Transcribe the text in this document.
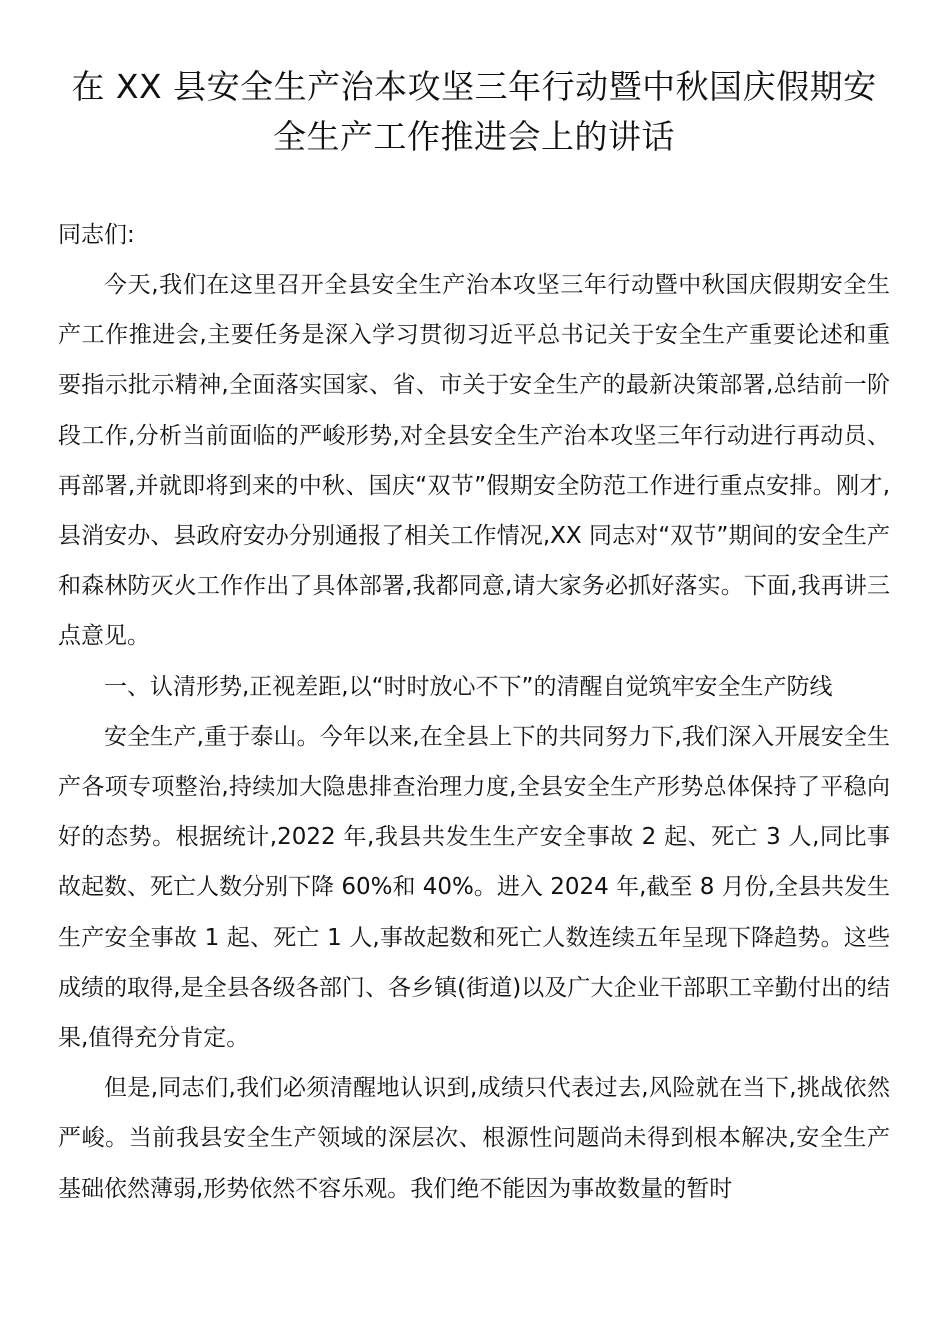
在 XX 县安全生产治本攻坚三年行动暨中秋国庆假期安
全生产工作推进会上的讲话

同志们:

今天,我们在这里召开全县安全生产治本攻坚三年行动暨中秋国庆假期安全生产工作推进会,主要任务是深入学习贯彻习近平总书记关于安全生产重要论述和重要指示批示精神,全面落实国家、省、市关于安全生产的最新决策部署,总结前一阶段工作,分析当前面临的严峻形势,对全县安全生产治本攻坚三年行动进行再动员、再部署,并就即将到来的中秋、国庆“双节”假期安全防范工作进行重点安排。刚才,县消安办、县政府安办分别通报了相关工作情况,XX 同志对“双节”期间的安全生产和森林防灭火工作作出了具体部署,我都同意,请大家务必抓好落实。下面,我再讲三点意见。

一、认清形势,正视差距,以“时时放心不下”的清醒自觉筑牢安全生产防线

安全生产,重于泰山。今年以来,在全县上下的共同努力下,我们深入开展安全生产各项专项整治,持续加大隐患排查治理力度,全县安全生产形势总体保持了平稳向好的态势。根据统计,2022 年,我县共发生生产安全事故 2 起、死亡 3 人,同比事故起数、死亡人数分别下降 60%和 40%。进入 2024 年,截至 8 月份,全县共发生生产安全事故 1 起、死亡 1 人,事故起数和死亡人数连续五年呈现下降趋势。这些成绩的取得,是全县各级各部门、各乡镇(街道)以及广大企业干部职工辛勤付出的结果,值得充分肯定。

但是,同志们,我们必须清醒地认识到,成绩只代表过去,风险就在当下,挑战依然严峻。当前我县安全生产领域的深层次、根源性问题尚未得到根本解决,安全生产基础依然薄弱,形势依然不容乐观。我们绝不能因为事故数量的暂时
